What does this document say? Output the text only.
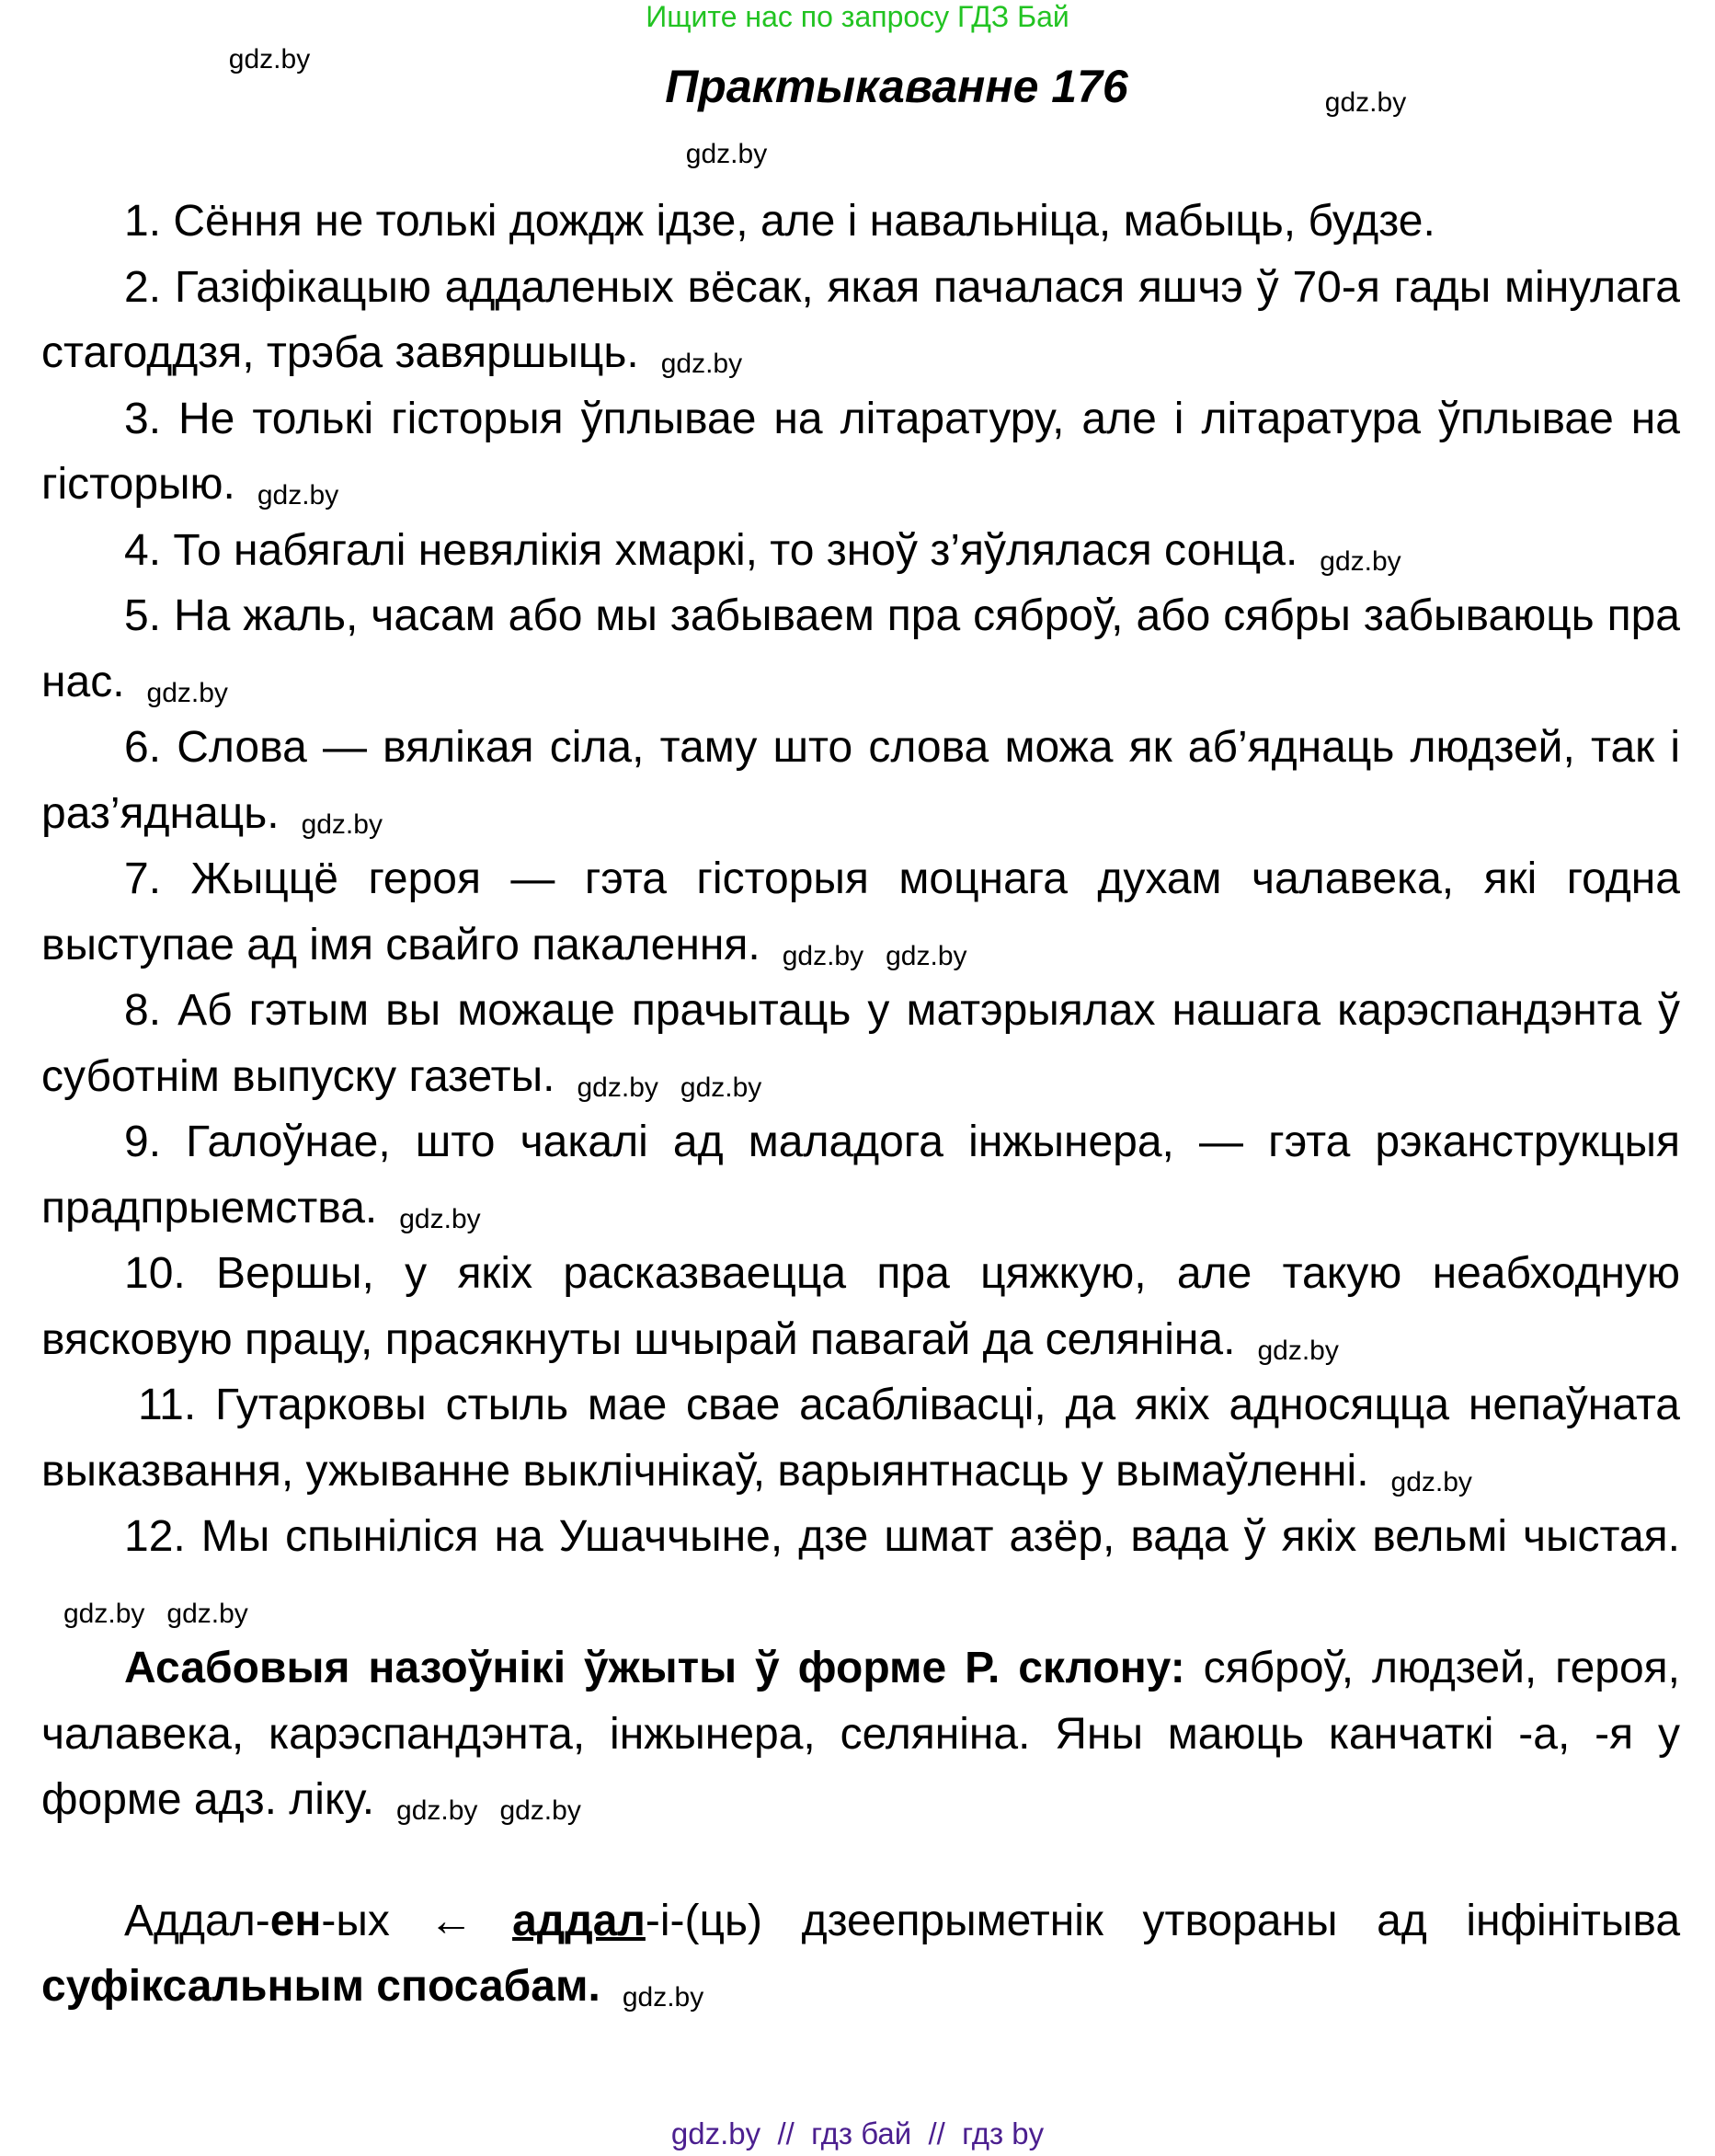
Ищите нас по запросу ГДЗ Бай
Практыкаванне 176
gdz.by
gdz.by
gdz.by

1. Сёння не толькі дождж ідзе, але і навальніца, мабыць, будзе.

2. Газіфікацыю аддаленых вёсак, якая пачалася яшчэ ў 70-я гады мінулага стагоддзя, трэба завяршыць. gdz.by

3. Не толькі гісторыя ўплывае на літаратуру, але і літаратура ўплывае на гісторыю. gdz.by

4. То набягалі невялікія хмаркі, то зноў з’яўлялася сонца. gdz.by

5. На жаль, часам або мы забываем пра сяброў, або сябры забываюць пра нас. gdz.by

6. Слова — вялікая сіла, таму што слова можа як аб’яднаць людзей, так і раз’яднаць. gdz.by

7. Жыццё героя — гэта гісторыя моцнага духам чалавека, які годна выступае ад імя свайго пакалення. gdz.by gdz.by

8. Аб гэтым вы можаце прачытаць у матэрыялах нашага карэспандэнта ў суботнім выпуску газеты. gdz.by gdz.by

9. Галоўнае, што чакалі ад маладога інжынера, — гэта рэканструкцыя прадпрыемства. gdz.by

10. Вершы, у якіх расказваецца пра цяжкую, але такую неабходную вясковую працу, прасякнуты шчырай павагай да селяніна. gdz.by

11. Гутарковы стыль мае свае асаблівасці, да якіх адносяцца непаўната выказвання, ужыванне выклічнікаў, варыянтнасць у вымаўленні. gdz.by

12. Мы спыніліся на Ушаччыне, дзе шмат азёр, вада ў якіх вельмі чыстая.gdz.by gdz.by

Асабовыя назоўнікі ўжыты ў форме Р. склону: сяброў, людзей, героя, чалавека, карэспандэнта, інжынера, селяніна. Яны маюць канчаткі -а, -я у форме адз. ліку. gdz.by gdz.by

Аддал-ен-ых ← аддал-і-(ць) дзеепрыметнік утвораны ад інфінітыва суфіксальным спосабам. gdz.by

gdz.by  //  гдз бай  //  гдз by
